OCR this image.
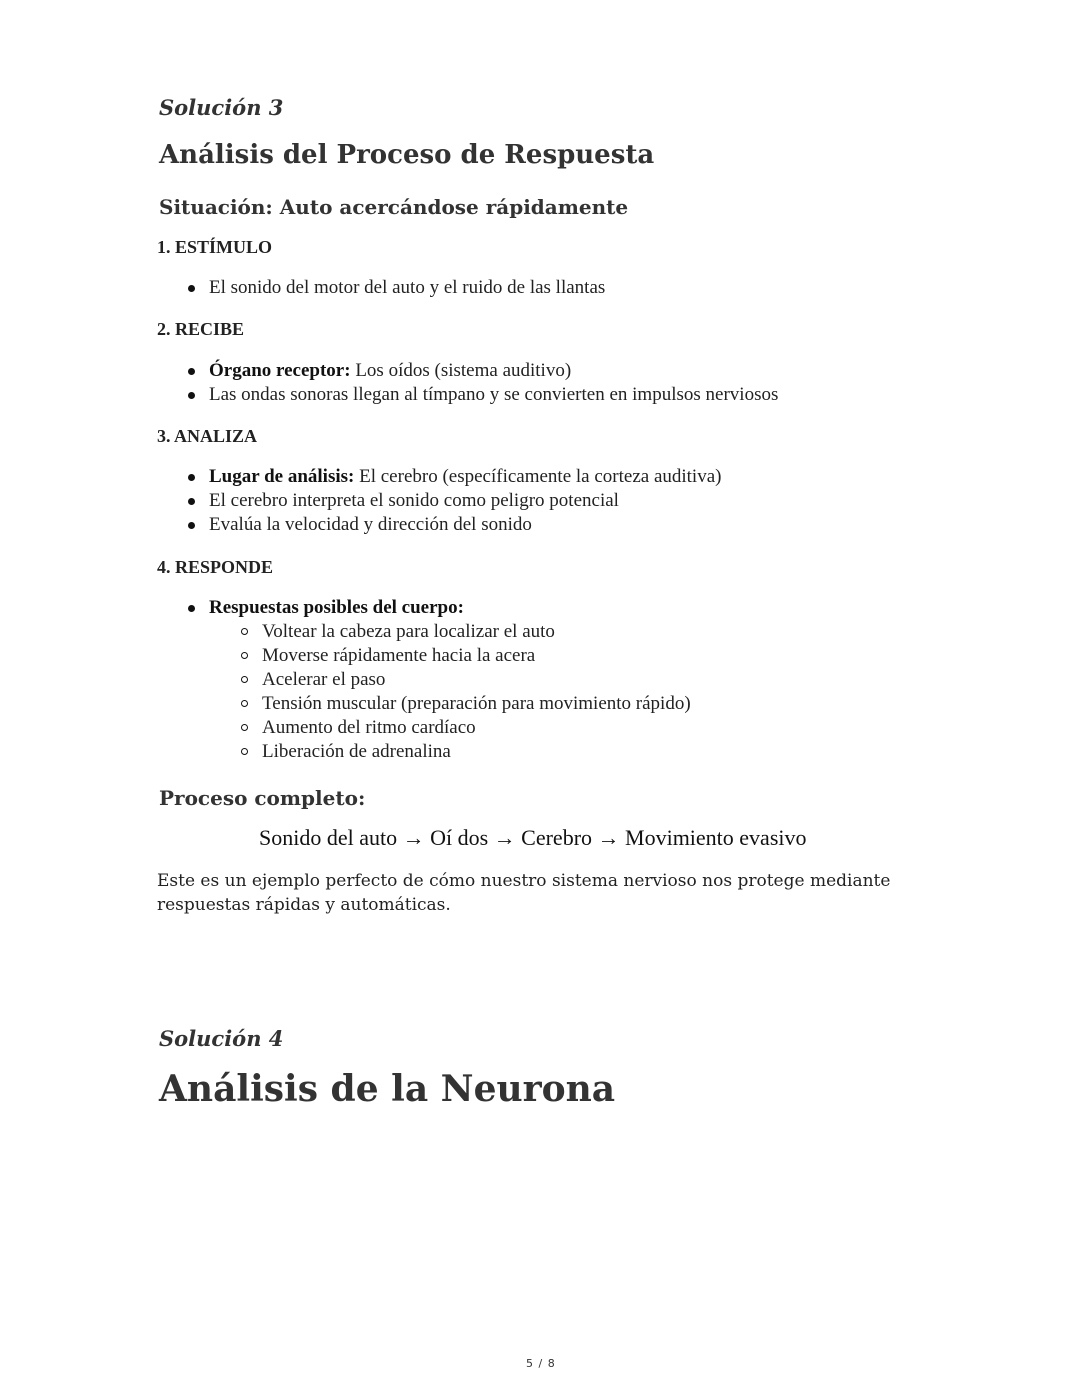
Solución 3
Análisis del Proceso de Respuesta
Situación: Auto acercándose rápidamente
1. ESTÍMULO
El sonido del motor del auto y el ruido de las llantas
2. RECIBE
Órgano receptor: Los oídos (sistema auditivo)
Las ondas sonoras llegan al tímpano y se convierten en impulsos nerviosos
3. ANALIZA
Lugar de análisis: El cerebro (específicamente la corteza auditiva)
El cerebro interpreta el sonido como peligro potencial
Evalúa la velocidad y dirección del sonido
4. RESPONDE
Respuestas posibles del cuerpo:
Voltear la cabeza para localizar el auto
Moverse rápidamente hacia la acera
Acelerar el paso
Tensión muscular (preparación para movimiento rápido)
Aumento del ritmo cardíaco
Liberación de adrenalina
Proceso completo:
Sonido del auto → Oí dos → Cerebro → Movimiento evasivo
Este es un ejemplo perfecto de cómo nuestro sistema nervioso nos protege mediante
respuestas rápidas y automáticas.
Solución 4
Análisis de la Neurona
5 / 8
